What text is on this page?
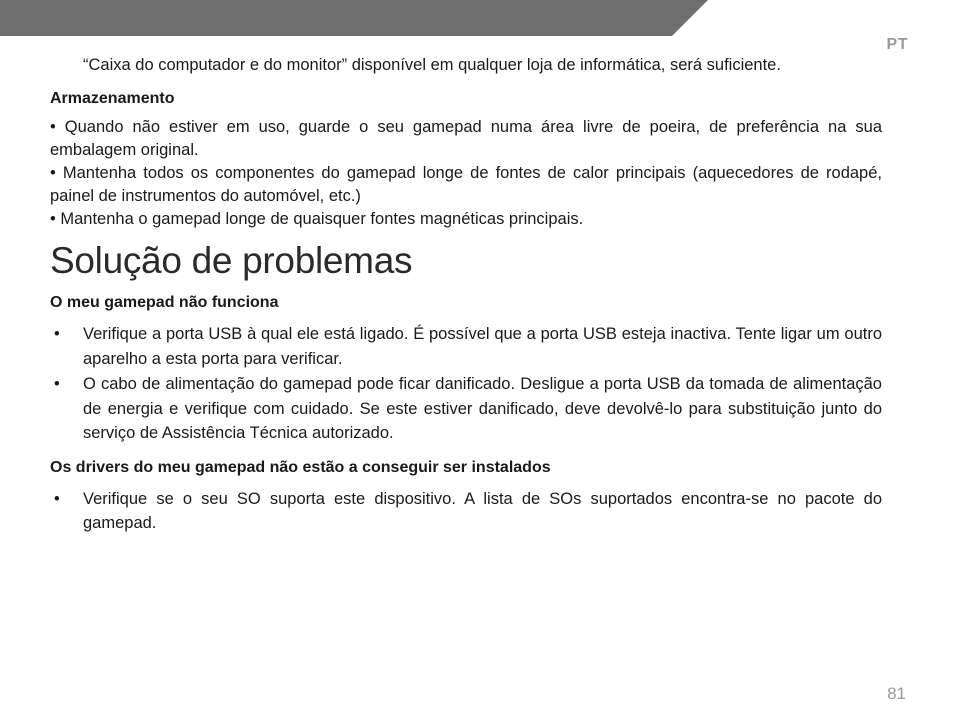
PT

“Caixa do computador e do monitor” disponível em qualquer loja de informática, será suficiente.

Armazenamento

• Quando não estiver em uso, guarde o seu gamepad numa área livre de poeira, de preferência na sua embalagem original.

• Mantenha todos os componentes do gamepad longe de fontes de calor principais (aquecedores de rodapé, painel de instrumentos do automóvel, etc.)

• Mantenha o gamepad longe de quaisquer fontes magnéticas principais.

Solução de problemas
O meu gamepad não funciona
• Verifique a porta USB à qual ele está ligado. É possível que a porta USB esteja inactiva. Tente ligar um outro aparelho a esta porta para verificar.
• O cabo de alimentação do gamepad pode ficar danificado. Desligue a porta USB da tomada de alimentação de energia e verifique com cuidado. Se este estiver danificado, deve devolvê-lo para substituição junto do serviço de Assistência Técnica autorizado.
Os drivers do meu gamepad não estão a conseguir ser instalados
• Verifique se o seu SO suporta este dispositivo. A lista de SOs suportados encontra-se no pacote do gamepad.
81
